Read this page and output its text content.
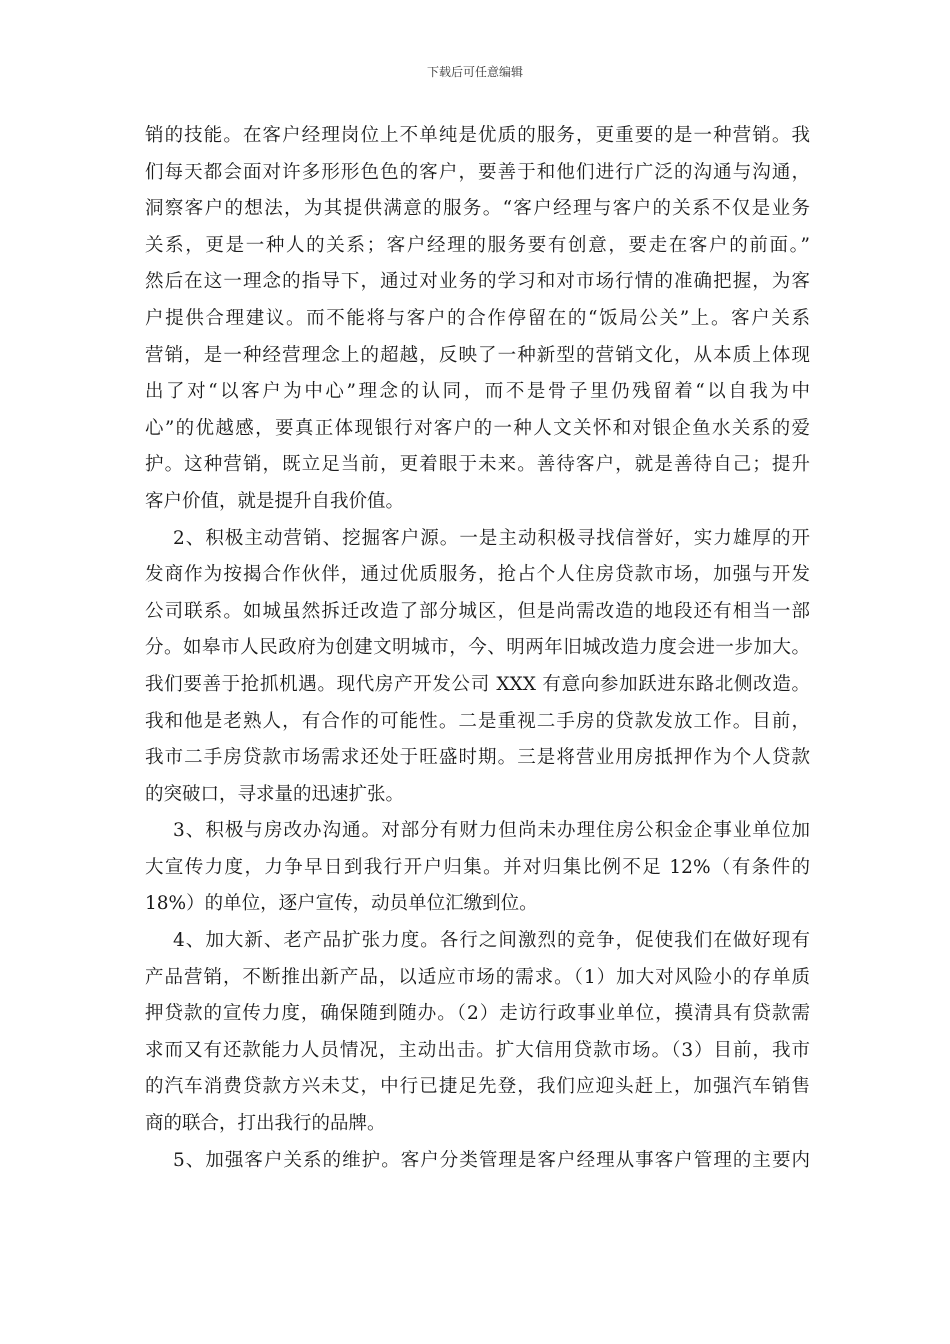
下载后可任意编辑
销的技能。在客户经理岗位上不单纯是优质的服务，更重要的是一种营销。我
们每天都会面对许多形形色色的客户，要善于和他们进行广泛的沟通与沟通，
洞察客户的想法，为其提供满意的服务。“客户经理与客户的关系不仅是业务
关系，更是一种人的关系；客户经理的服务要有创意，要走在客户的前面。”
然后在这一理念的指导下，通过对业务的学习和对市场行情的准确把握，为客
户提供合理建议。而不能将与客户的合作停留在的“饭局公关”上。客户关系
营销，是一种经营理念上的超越，反映了一种新型的营销文化，从本质上体现
出了对“以客户为中心”理念的认同，而不是骨子里仍残留着“以自我为中
心”的优越感，要真正体现银行对客户的一种人文关怀和对银企鱼水关系的爱
护。这种营销，既立足当前，更着眼于未来。善待客户，就是善待自己；提升
客户价值，就是提升自我价值。
2、积极主动营销、挖掘客户源。一是主动积极寻找信誉好，实力雄厚的开
发商作为按揭合作伙伴，通过优质服务，抢占个人住房贷款市场，加强与开发
公司联系。如城虽然拆迁改造了部分城区，但是尚需改造的地段还有相当一部
分。如皋市人民政府为创建文明城市，今、明两年旧城改造力度会进一步加大。
我们要善于抢抓机遇。现代房产开发公司 XXX 有意向参加跃进东路北侧改造。
我和他是老熟人，有合作的可能性。二是重视二手房的贷款发放工作。目前，
我市二手房贷款市场需求还处于旺盛时期。三是将营业用房抵押作为个人贷款
的突破口，寻求量的迅速扩张。
3、积极与房改办沟通。对部分有财力但尚未办理住房公积金企事业单位加
大宣传力度，力争早日到我行开户归集。并对归集比例不足 12%（有条件的
18%）的单位，逐户宣传，动员单位汇缴到位。
4、加大新、老产品扩张力度。各行之间激烈的竞争，促使我们在做好现有
产品营销，不断推出新产品，以适应市场的需求。（1）加大对风险小的存单质
押贷款的宣传力度，确保随到随办。（2）走访行政事业单位，摸清具有贷款需
求而又有还款能力人员情况，主动出击。扩大信用贷款市场。（3）目前，我市
的汽车消费贷款方兴未艾，中行已捷足先登，我们应迎头赶上，加强汽车销售
商的联合，打出我行的品牌。
5、加强客户关系的维护。客户分类管理是客户经理从事客户管理的主要内
